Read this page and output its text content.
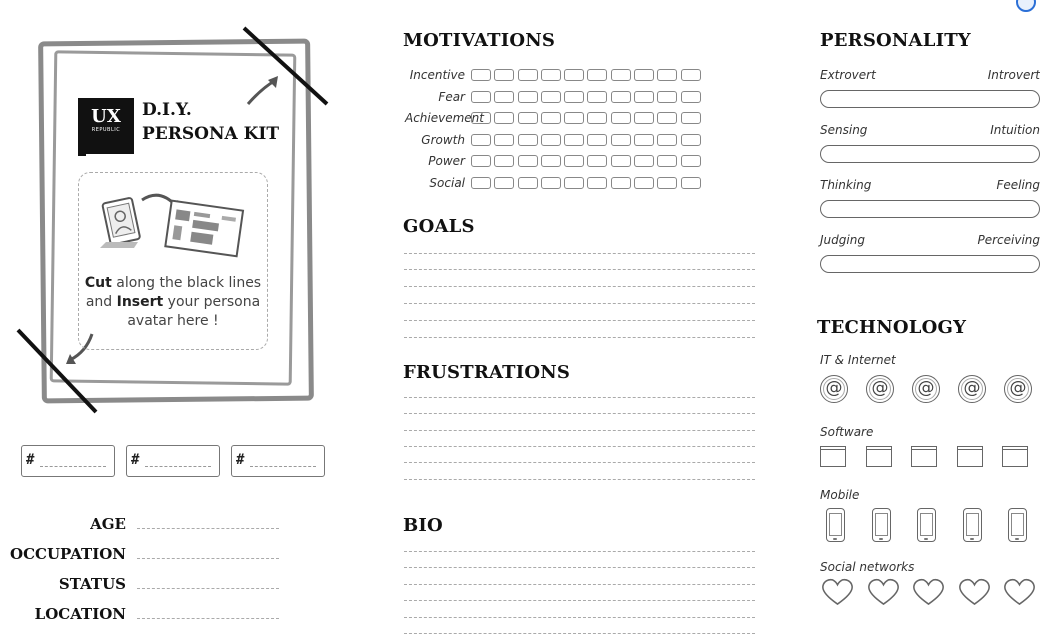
UX
REPUBLIC
D.I.Y.
PERSONA KIT
Cut along the black lines
and Insert your persona
avatar here !
#	#	#
AGE
OCCUPATION
STATUS
LOCATION
MOTIVATIONS
Incentive
Fear
Achievement
Growth
Power
Social
GOALS
FRUSTRATIONS
BIO
PERSONALITY
Extrovert	Introvert
Sensing	Intuition
Thinking	Feeling
Judging	Perceiving
TECHNOLOGY
IT & Internet
@	@	@	@	@
Software
Mobile
Social networks
